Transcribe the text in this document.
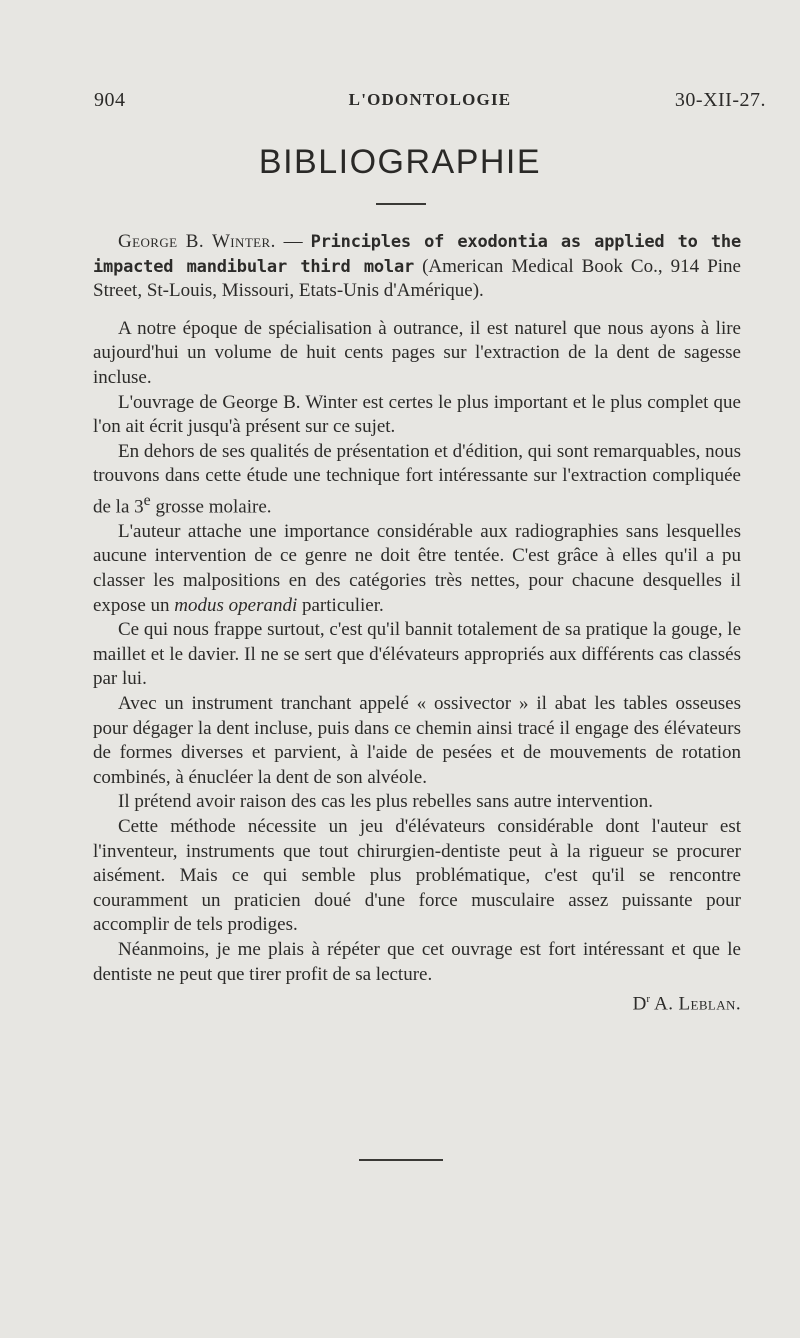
904	L'ODONTOLOGIE	30-XII-27.
BIBLIOGRAPHIE

George B. Winter. — Principles of exodontia as applied to the impacted mandibular third molar (American Medical Book Co., 914 Pine Street, St-Louis, Missouri, Etats-Unis d'Amérique).

A notre époque de spécialisation à outrance, il est naturel que nous ayons à lire aujourd'hui un volume de huit cents pages sur l'extraction de la dent de sagesse incluse.

L'ouvrage de George B. Winter est certes le plus important et le plus complet que l'on ait écrit jusqu'à présent sur ce sujet.

En dehors de ses qualités de présentation et d'édition, qui sont remarquables, nous trouvons dans cette étude une technique fort intéressante sur l'extraction compliquée de la 3e grosse molaire.

L'auteur attache une importance considérable aux radiographies sans lesquelles aucune intervention de ce genre ne doit être tentée. C'est grâce à elles qu'il a pu classer les malpositions en des catégories très nettes, pour chacune desquelles il expose un modus operandi particulier.

Ce qui nous frappe surtout, c'est qu'il bannit totalement de sa pratique la gouge, le maillet et le davier. Il ne se sert que d'élévateurs appropriés aux différents cas classés par lui.

Avec un instrument tranchant appelé « ossivector » il abat les tables osseuses pour dégager la dent incluse, puis dans ce chemin ainsi tracé il engage des élévateurs de formes diverses et parvient, à l'aide de pesées et de mouvements de rotation combinés, à énucléer la dent de son alvéole.

Il prétend avoir raison des cas les plus rebelles sans autre intervention.

Cette méthode nécessite un jeu d'élévateurs considérable dont l'auteur est l'inventeur, instruments que tout chirurgien-dentiste peut à la rigueur se procurer aisément. Mais ce qui semble plus problématique, c'est qu'il se rencontre couramment un praticien doué d'une force musculaire assez puissante pour accomplir de tels prodiges.

Néanmoins, je me plais à répéter que cet ouvrage est fort intéressant et que le dentiste ne peut que tirer profit de sa lecture.

$D^r$ A. Leblan.
